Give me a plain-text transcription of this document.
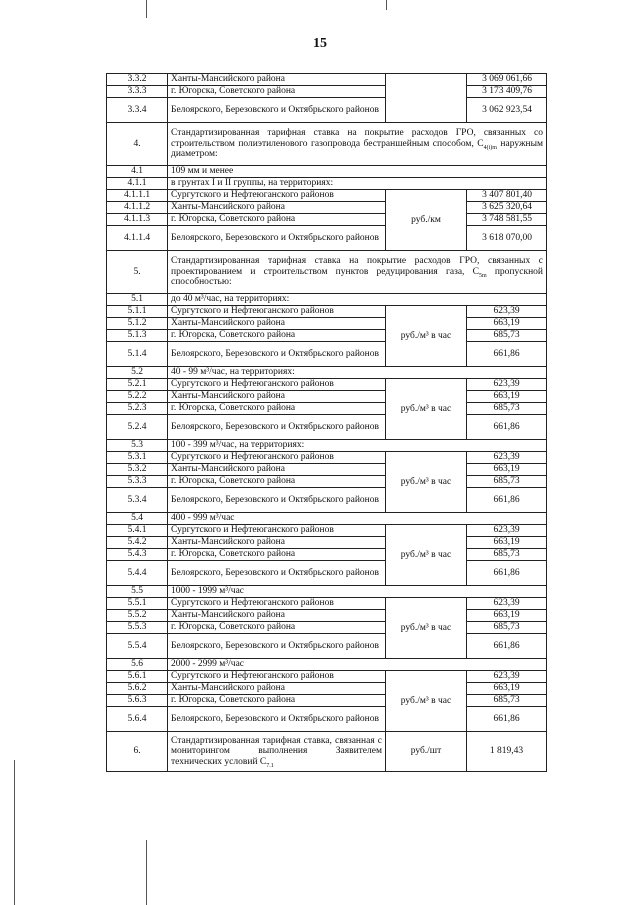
15
3.3.2	Ханты-Мансийского района		3 069 061,66
3.3.3	г. Югорска, Советского района		3 173 409,76
3.3.4	Белоярского, Березовского и Октябрьского районов		3 062 923,54
4.	Стандартизированная тарифная ставка на покрытие расходов ГРО, связанных со строительством полиэтиленового газопровода бестраншейным способом, $С_{4(i)m}$ наружным диаметром:		
4.1	109 мм и менее		
4.1.1	в грунтах I и II группы, на территориях:		
4.1.1.1	Сургутского и Нефтеюганского районов	руб./км	3 407 801,40
4.1.1.2	Ханты-Мансийского района		3 625 320,64
4.1.1.3	г. Югорска, Советского района		3 748 581,55
4.1.1.4	Белоярского, Березовского и Октябрьского районов		3 618 070,00
5.	Стандартизированная тарифная ставка на покрытие расходов ГРО, связанных с проектированием и строительством пунктов редуцирования газа, $С_{5m}$ пропускной способностью:		
5.1	до 40 м³/час, на территориях:		
5.1.1	Сургутского и Нефтеюганского районов	руб./м³ в час	623,39
5.1.2	Ханты-Мансийского района		663,19
5.1.3	г. Югорска, Советского района		685,73
5.1.4	Белоярского, Березовского и Октябрьского районов		661,86
5.2	40 - 99 м³/час, на территориях:		
5.2.1	Сургутского и Нефтеюганского районов	руб./м³ в час	623,39
5.2.2	Ханты-Мансийского района		663,19
5.2.3	г. Югорска, Советского района		685,73
5.2.4	Белоярского, Березовского и Октябрьского районов		661,86
5.3	100 - 399 м³/час, на территориях:		
5.3.1	Сургутского и Нефтеюганского районов	руб./м³ в час	623,39
5.3.2	Ханты-Мансийского района		663,19
5.3.3	г. Югорска, Советского района		685,73
5.3.4	Белоярского, Березовского и Октябрьского районов		661,86
5.4	400 - 999 м³/час		
5.4.1	Сургутского и Нефтеюганского районов	руб./м³ в час	623,39
5.4.2	Ханты-Мансийского района		663,19
5.4.3	г. Югорска, Советского района		685,73
5.4.4	Белоярского, Березовского и Октябрьского районов		661,86
5.5	1000 - 1999 м³/час		
5.5.1	Сургутского и Нефтеюганского районов	руб./м³ в час	623,39
5.5.2	Ханты-Мансийского района		663,19
5.5.3	г. Югорска, Советского района		685,73
5.5.4	Белоярского, Березовского и Октябрьского районов		661,86
5.6	2000 - 2999 м³/час		
5.6.1	Сургутского и Нефтеюганского районов	руб./м³ в час	623,39
5.6.2	Ханты-Мансийского района		663,19
5.6.3	г. Югорска, Советского района		685,73
5.6.4	Белоярского, Березовского и Октябрьского районов		661,86
6.	Стандартизированная тарифная ставка, связанная с мониторингом выполнения Заявителем технических условий $С_{7.1}$	руб./шт	1 819,43
